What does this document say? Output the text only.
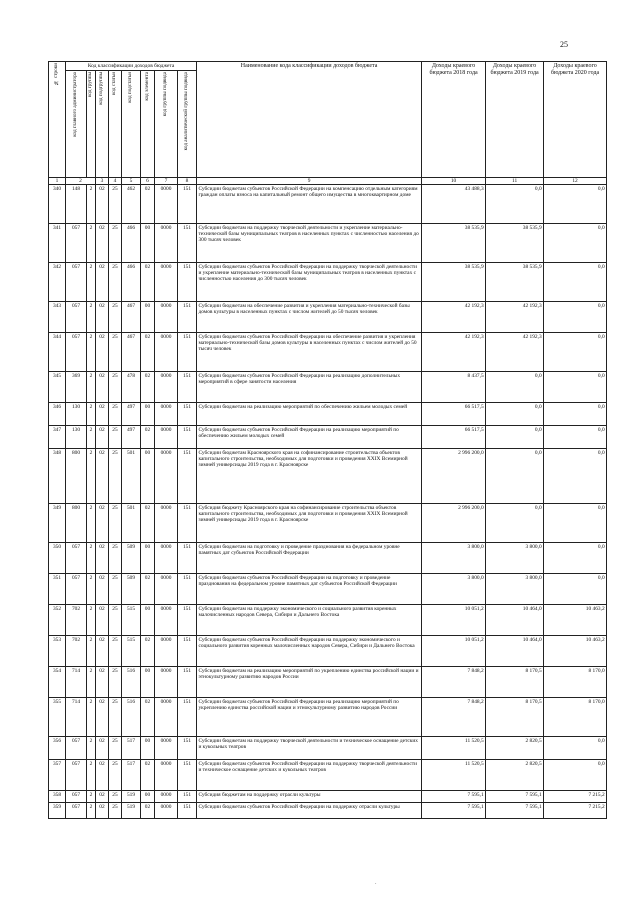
25
№ строки	Код классификации доходов бюджета								Наименование кода классификации доходов бюджета	Доходы краевого бюджета 2018 года	Доходы краевого бюджета 2019 года	Доходы краевого бюджета 2020 года

	код главного администратора	код группы	код подгруппы	код статьи	код подстатьи	код элемента	код группы подвида	код аналитической группы подвида				

1	2		3	4	5	6	7	8	9	10	11	12
340	148	2	02	25	462	02	0000	151	Субсидии бюджетам субъектов Российской Федерации на компенсацию отдельным категориям граждан оплаты взноса на капитальный ремонт общего имущества в многоквартирном доме	43 488,3	0,0	0,0
341	057	2	02	25	466	00	0000	151	Субсидии бюджетам на поддержку творческой деятельности и укрепление материально-технической базы муниципальных театров в населенных пунктах с численностью населения до 300 тысяч человек	38 535,9	38 535,9	0,0
342	057	2	02	25	466	02	0000	151	Субсидии бюджетам субъектов Российской Федерации на поддержку творческой деятельности и укрепление материально-технической базы муниципальных театров в населенных пунктах с численностью населения до 300 тысяч человек	38 535,9	38 535,9	0,0
343	057	2	02	25	467	00	0000	151	Субсидии бюджетам на обеспечение развития и укрепления материально-технической базы домов культуры в населенных пунктах с числом жителей до 50 тысяч человек	42 192,3	42 192,3	0,0
344	057	2	02	25	467	02	0000	151	Субсидии бюджетам субъектов Российской Федерации на обеспечение развития и укрепления материально-технической базы домов культуры в населенных пунктах с числом жителей до 50 тысяч человек	42 192,3	42 192,3	0,0
345	369	2	02	25	478	02	0000	151	Субсидии бюджетам субъектов Российской Федерации на реализацию дополнительных мероприятий в сфере занятости населения	8 437,5	0,0	0,0
346	130	2	02	25	497	00	0000	151	Субсидии бюджетам на реализацию мероприятий по обеспечению жильем молодых семей	66 517,5	0,0	0,0
347	130	2	02	25	497	02	0000	151	Субсидии бюджетам субъектов Российской Федерации на реализацию мероприятий по обеспечению жильем молодых семей	66 517,5	0,0	0,0
348	800	2	02	25	501	00	0000	151	Субсидии бюджетам Красноярского края на софинансирование строительства объектов капитального строительства, необходимых для подготовки и проведения XXIX Всемирной зимней универсиады 2019 года в г. Красноярске	2 996 200,0	0,0	0,0
349	800	2	02	25	501	02	0000	151	Субсидия бюджету Красноярского края на софинансирование строительства объектов капитального строительства, необходимых для подготовки и проведения XXIX Всемирной зимней универсиады 2019 года в г. Красноярске	2 996 200,0	0,0	0,0
350	057	2	02	25	509	00	0000	151	Субсидии бюджетам на подготовку и проведение празднования на федеральном уровне памятных дат субъектов Российской Федерации	3 800,0	3 800,0	0,0
351	057	2	02	25	509	02	0000	151	Субсидии бюджетам субъектов Российской Федерации на подготовку и проведение празднования на федеральном уровне памятных дат субъектов Российской Федерации	3 800,0	3 800,0	0,0
352	702	2	02	25	515	00	0000	151	Субсидии бюджетам на поддержку экономического и социального развития коренных малочисленных народов Севера, Сибири и Дальнего Востока	10 051,2	10 464,0	10 463,2
353	702	2	02	25	515	02	0000	151	Субсидии бюджетам субъектов Российской Федерации на поддержку экономического и социального развития коренных малочисленных народов Севера, Сибири и Дальнего Востока	10 051,2	10 464,0	10 463,2
354	714	2	02	25	516	00	0000	151	Субсидии бюджетам на реализацию мероприятий по укреплению единства российской нации и этнокультурному развитию народов России	7 848,2	8 170,5	8 170,0
355	714	2	02	25	516	02	0000	151	Субсидии бюджетам субъектов Российской Федерации на реализацию мероприятий по укреплению единства российской нации и этнокультурному развитию народов России	7 848,2	8 170,5	8 170,0
356	057	2	02	25	517	00	0000	151	Субсидии бюджетам на поддержку творческой деятельности и техническое оснащение детских и кукольных театров	11 520,5	2 820,5	0,0
357	057	2	02	25	517	02	0000	151	Субсидии бюджетам субъектов Российской Федерации на поддержку творческой деятельности и техническое оснащение детских и кукольных театров	11 520,5	2 820,5	0,0
358	057	2	02	25	519	00	0000	151	Субсидия бюджетам на поддержку отрасли культуры	7 595,1	7 595,1	7 215,2
359	057	2	02	25	519	02	0000	151	Субсидии бюджетам субъектов Российской Федерации на поддержку отрасли культуры	7 595,1	7 595,1	7 215,2
.
